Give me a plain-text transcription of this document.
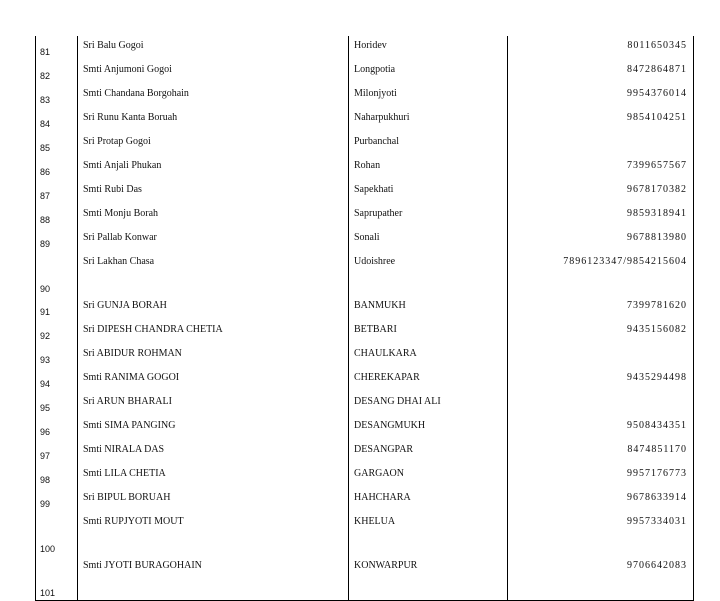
81	Sri Balu Gogoi	Horidev	8011650345
82	Smti Anjumoni Gogoi	Longpotia	8472864871
83	Smti Chandana Borgohain	Milonjyoti	9954376014
84	Sri Runu Kanta Boruah	Naharpukhuri	9854104251
85	Sri Protap Gogoi	Purbanchal	
86	Smti Anjali Phukan	Rohan	7399657567
87	Smti Rubi Das	Sapekhati	9678170382
88	Smti Monju Borah	Saprupather	9859318941
89	Sri Pallab Konwar	Sonali	9678813980
90	Sri Lakhan Chasa	Udoishree	7896123347/9854215604
91	Sri GUNJA BORAH	BANMUKH	7399781620
92	Sri DIPESH CHANDRA CHETIA	BETBARI	9435156082
93	Sri ABIDUR ROHMAN	CHAULKARA	
94	Smti RANIMA GOGOI	CHEREKAPAR	9435294498
95	Sri ARUN BHARALI	DESANG DHAI ALI	
96	Smti SIMA PANGING	DESANGMUKH	9508434351
97	Smti NIRALA DAS	DESANGPAR	8474851170
98	Smti LILA CHETIA	GARGAON	9957176773
99	Sri BIPUL BORUAH	HAHCHARA	9678633914
100	Smti RUPJYOTI MOUT	KHELUA	9957334031
101	Smti JYOTI BURAGOHAIN	KONWARPUR	9706642083
